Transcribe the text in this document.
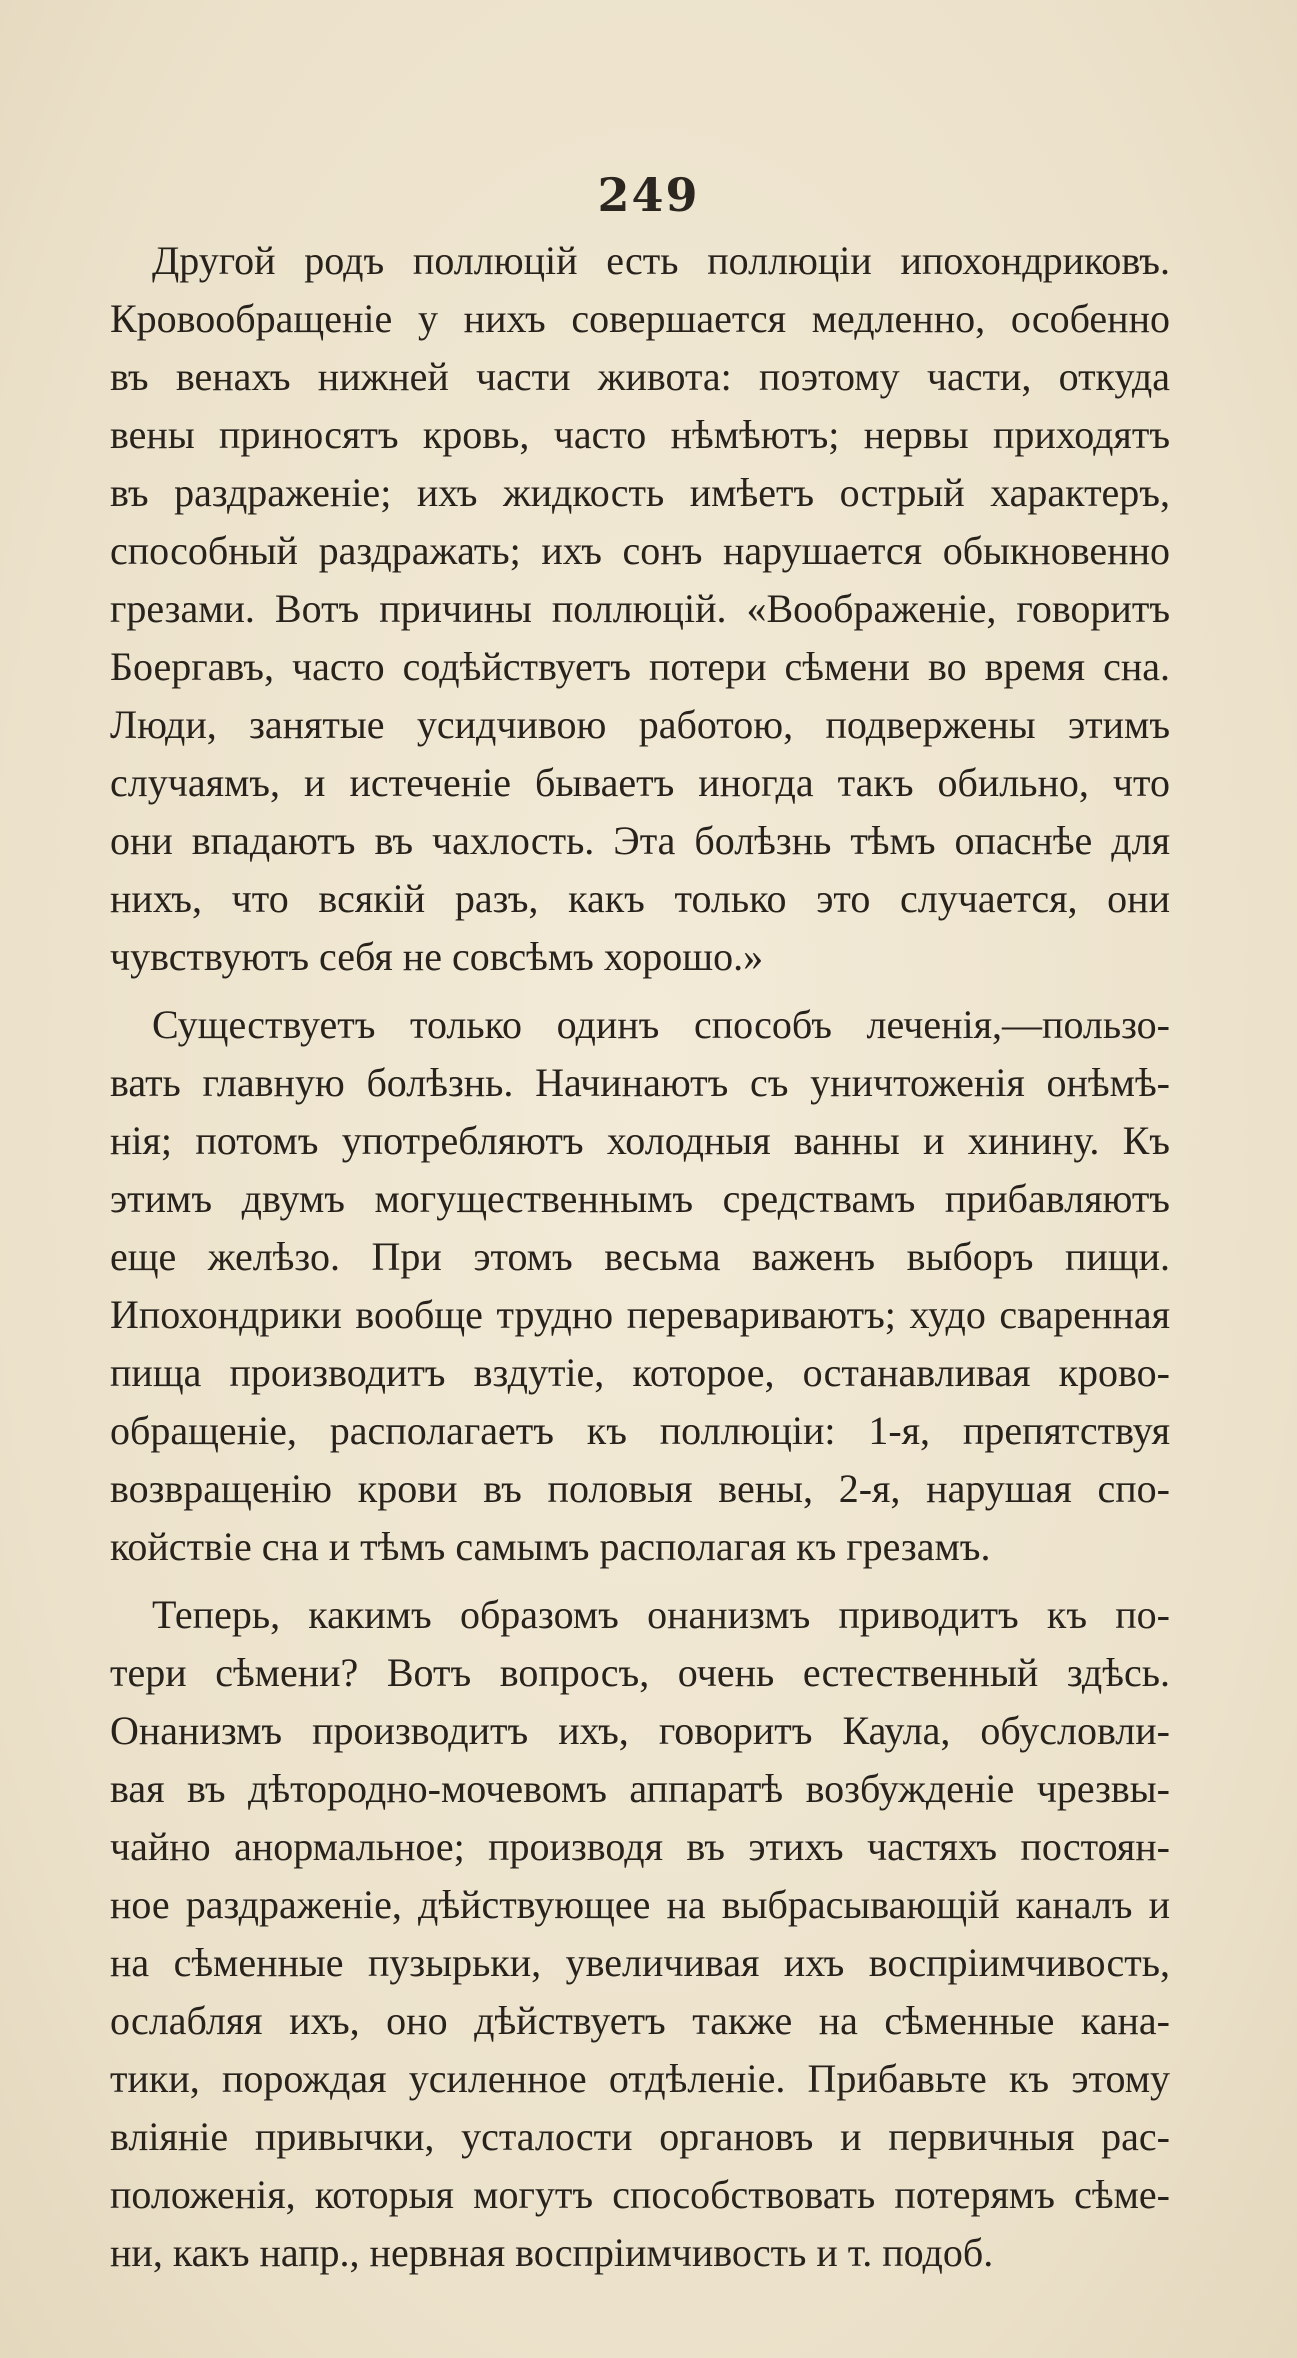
249
Другой родъ поллюцій есть поллюціи ипохондриковъ.
Кровообращеніе у нихъ совершается медленно, особенно
въ венахъ нижней части живота: поэтому части, откуда
вены приносятъ кровь, часто нѣмѣютъ; нервы приходятъ
въ раздраженіе; ихъ жидкость имѣетъ острый характеръ,
способный раздражать; ихъ сонъ нарушается обыкновенно
грезами. Вотъ причины поллюцій. «Воображеніе, говоритъ
Боергавъ, часто содѣйствуетъ потери сѣмени во время сна.
Люди, занятые усидчивою работою, подвержены этимъ
случаямъ, и истеченіе бываетъ иногда такъ обильно, что
они впадаютъ въ чахлость. Эта болѣзнь тѣмъ опаснѣе для
нихъ, что всякій разъ, какъ только это случается, они
чувствуютъ себя не совсѣмъ хорошо.»
Существуетъ только одинъ способъ леченія,—пользо-
вать главную болѣзнь. Начинаютъ съ уничтоженія онѣмѣ-
нія; потомъ употребляютъ холодныя ванны и хинину. Къ
этимъ двумъ могущественнымъ средствамъ прибавляютъ
еще желѣзо. При этомъ весьма важенъ выборъ пищи.
Ипохондрики вообще трудно перевариваютъ; худо сваренная
пища производитъ вздутіе, которое, останавливая крово-
обращеніе, располагаетъ къ поллюціи: 1-я, препятствуя
возвращенію крови въ половыя вены, 2-я, нарушая спо-
койствіе сна и тѣмъ самымъ располагая къ грезамъ.
Теперь, какимъ образомъ онанизмъ приводитъ къ по-
тери сѣмени? Вотъ вопросъ, очень естественный здѣсь.
Онанизмъ производитъ ихъ, говоритъ Каула, обусловли-
вая въ дѣтородно-мочевомъ аппаратѣ возбужденіе чрезвы-
чайно анормальное; производя въ этихъ частяхъ постоян-
ное раздраженіе, дѣйствующее на выбрасывающій каналъ и
на сѣменные пузырьки, увеличивая ихъ воспріимчивость,
ослабляя ихъ, оно дѣйствуетъ также на сѣменные кана-
тики, порождая усиленное отдѣленіе. Прибавьте къ этому
вліяніе привычки, усталости органовъ и первичныя рас-
положенія, которыя могутъ способствовать потерямъ сѣме-
ни, какъ напр., нервная воспріимчивость и т. подоб.
